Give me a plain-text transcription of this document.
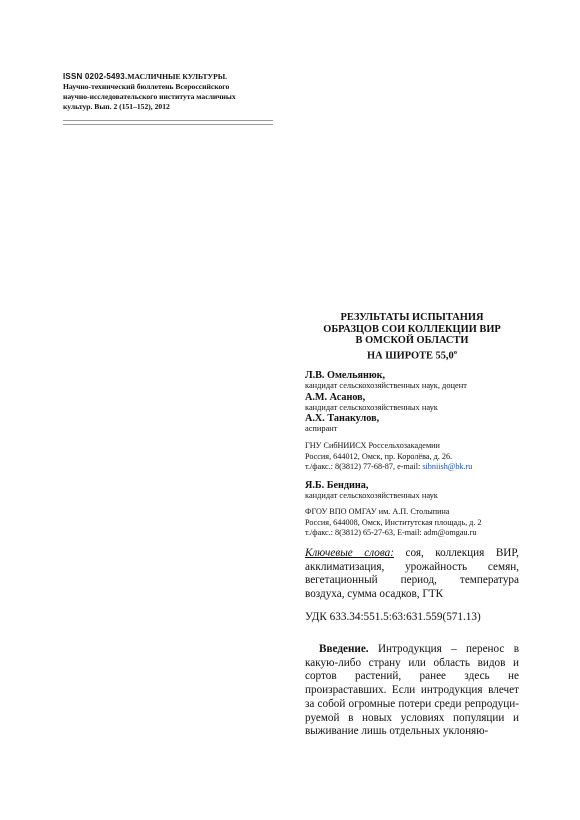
ISSN 0202-5493.МАСЛИЧНЫЕ КУЛЬТУРЫ.
Научно-технический бюллетень Всероссийского
научно-исследовательского института масличных
культур. Вып. 2 (151–152), 2012
РЕЗУЛЬТАТЫ ИСПЫТАНИЯ
ОБРАЗЦОВ СОИ КОЛЛЕКЦИИ ВИР
В ОМСКОЙ ОБЛАСТИ
НА ШИРОТЕ $55,0^о$
Л.В. Омельянюк,
кандидат сельскохозяйственных наук, доцент
А.М. Асанов,
кандидат сельскохозяйственных наук
А.Х. Танакулов,
аспирант
ГНУ СибНИИСХ Россельхозакадемии
Россия, 644012, Омск, пр. Королёва, д. 26.
т./факс.: 8(3812) 77-68-87, e-mail: sibniish@bk.ru
Я.Б. Бендина,
кандидат сельскохозяйственных наук
ФГОУ ВПО ОМГАУ им. А.П. Столыпина
Россия, 644008, Омск, Институтская площадь, д. 2
т./факс.: 8(3812) 65-27-63, E-mail: adm@omgau.ru
Ключевые слова: соя, коллекция ВИР, акклиматизация, урожайность семян, вегетационный период, температура воздуха, сумма осадков, ГТК
УДК 633.34:551.5:63:631.559(571.13)
Введение. Интродукция – перенос в какую-либо страну или область видов и сортов растений, ранее здесь не произраставших. Если интродукция влечет за собой огромные потери среди репродуцируемой в новых условиях популяции и выживание лишь отдельных уклоняю-
